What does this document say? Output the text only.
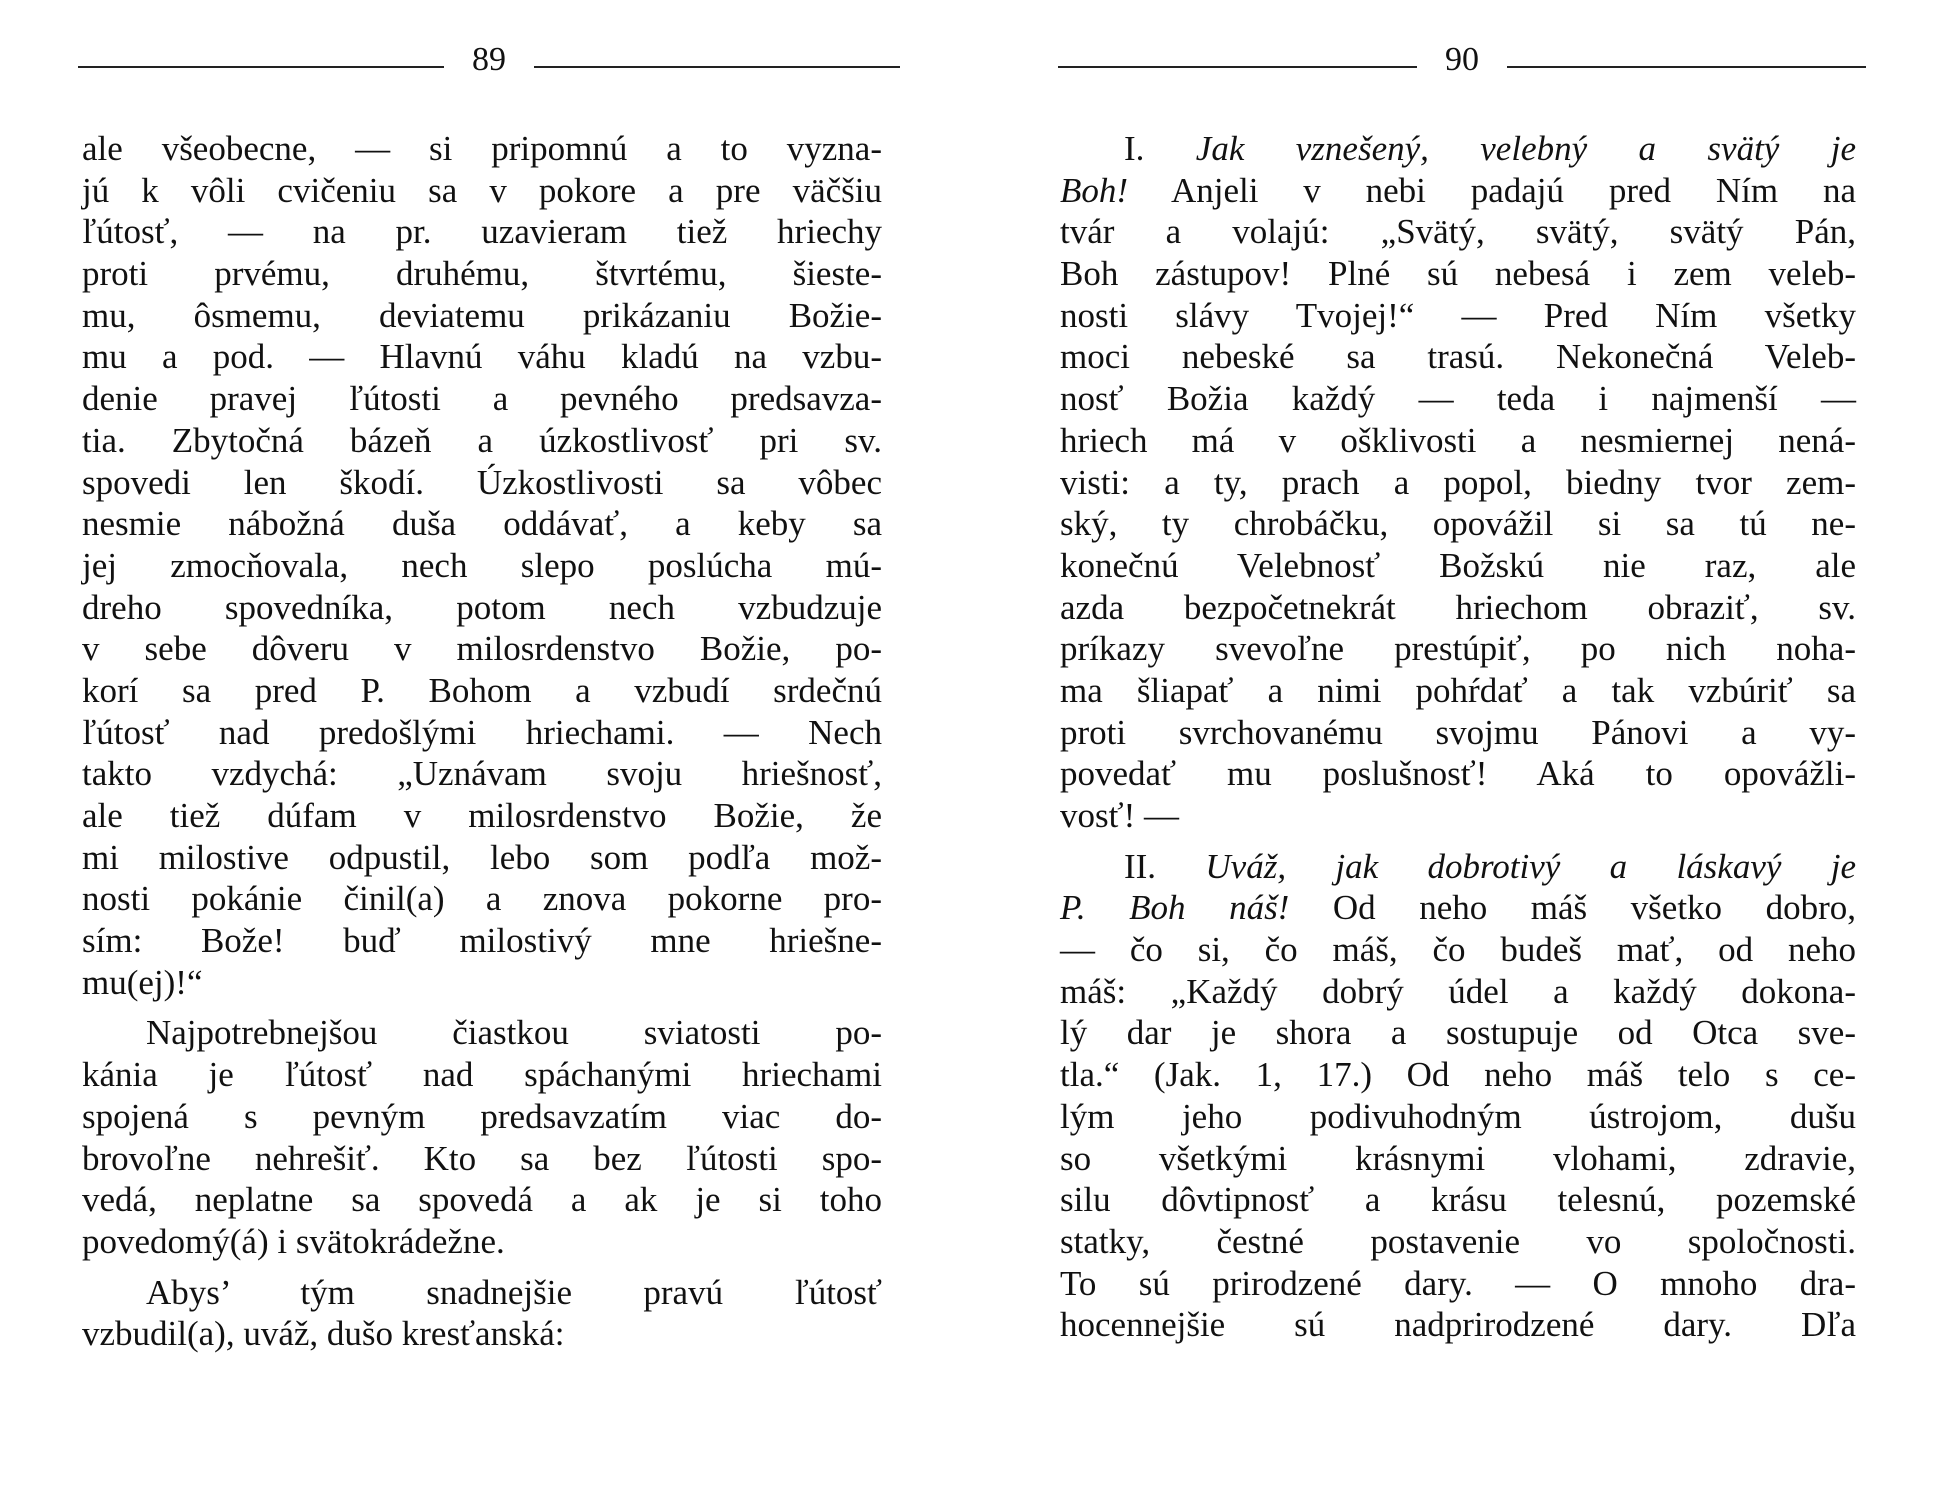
89
ale všeobecne, — si pripomnú a to vyzna-
jú k vôli cvičeniu sa v pokore a pre väčšiu
ľútosť, — na pr. uzavieram tiež hriechy
proti prvému, druhému, štvrtému, šieste-
mu, ôsmemu, deviatemu prikázaniu Božie-
mu a pod. — Hlavnú váhu kladú na vzbu-
denie pravej ľútosti a pevného predsavza-
tia. Zbytočná bázeň a úzkostlivosť pri sv.
spovedi len škodí. Úzkostlivosti sa vôbec
nesmie nábožná duša oddávať, a keby sa
jej zmocňovala, nech slepo poslúcha mú-
dreho spovedníka, potom nech vzbudzuje
v sebe dôveru v milosrdenstvo Božie, po-
korí sa pred P. Bohom a vzbudí srdečnú
ľútosť nad predošlými hriechami. — Nech
takto vzdychá: „Uznávam svoju hriešnosť,
ale tiež dúfam v milosrdenstvo Božie, že
mi milostive odpustil, lebo som podľa mož-
nosti pokánie činil(a) a znova pokorne pro-
sím: Bože! buď milostivý mne hriešne-
mu(ej)!“
Najpotrebnejšou čiastkou sviatosti po-
kánia je ľútosť nad spáchanými hriechami
spojená s pevným predsavzatím viac do-
brovoľne nehrešiť. Kto sa bez ľútosti spo-
vedá, neplatne sa spovedá a ak je si toho
povedomý(á) i svätokrádežne.
Abys’ tým snadnejšie pravú ľútosť
vzbudil(a), uváž, dušo kresťanská:
90
I. Jak vznešený, velebný a svätý je
Boh! Anjeli v nebi padajú pred Ním na
tvár a volajú: „Svätý, svätý, svätý Pán,
Boh zástupov! Plné sú nebesá i zem veleb-
nosti slávy Tvojej!“ — Pred Ním všetky
moci nebeské sa trasú. Nekonečná Veleb-
nosť Božia každý — teda i najmenší —
hriech má v ošklivosti a nesmiernej nená-
visti: a ty, prach a popol, biedny tvor zem-
ský, ty chrobáčku, opovážil si sa tú ne-
konečnú Velebnosť Božskú nie raz, ale
azda bezpočetnekrát hriechom obraziť, sv.
príkazy svevoľne prestúpiť, po nich noha-
ma šliapať a nimi pohŕdať a tak vzbúriť sa
proti svrchovanému svojmu Pánovi a vy-
povedať mu poslušnosť! Aká to opovážli-
vosť! —
II. Uváž, jak dobrotivý a láskavý je
P. Boh náš! Od neho máš všetko dobro,
— čo si, čo máš, čo budeš mať, od neho
máš: „Každý dobrý údel a každý dokona-
lý dar je shora a sostupuje od Otca sve-
tla.“ (Jak. 1, 17.) Od neho máš telo s ce-
lým jeho podivuhodným ústrojom, dušu
so všetkými krásnymi vlohami, zdravie,
silu dôvtipnosť a krásu telesnú, pozemské
statky, čestné postavenie vo spoločnosti.
To sú prirodzené dary. — O mnoho dra-
hocennejšie sú nadprirodzené dary. Dľa
